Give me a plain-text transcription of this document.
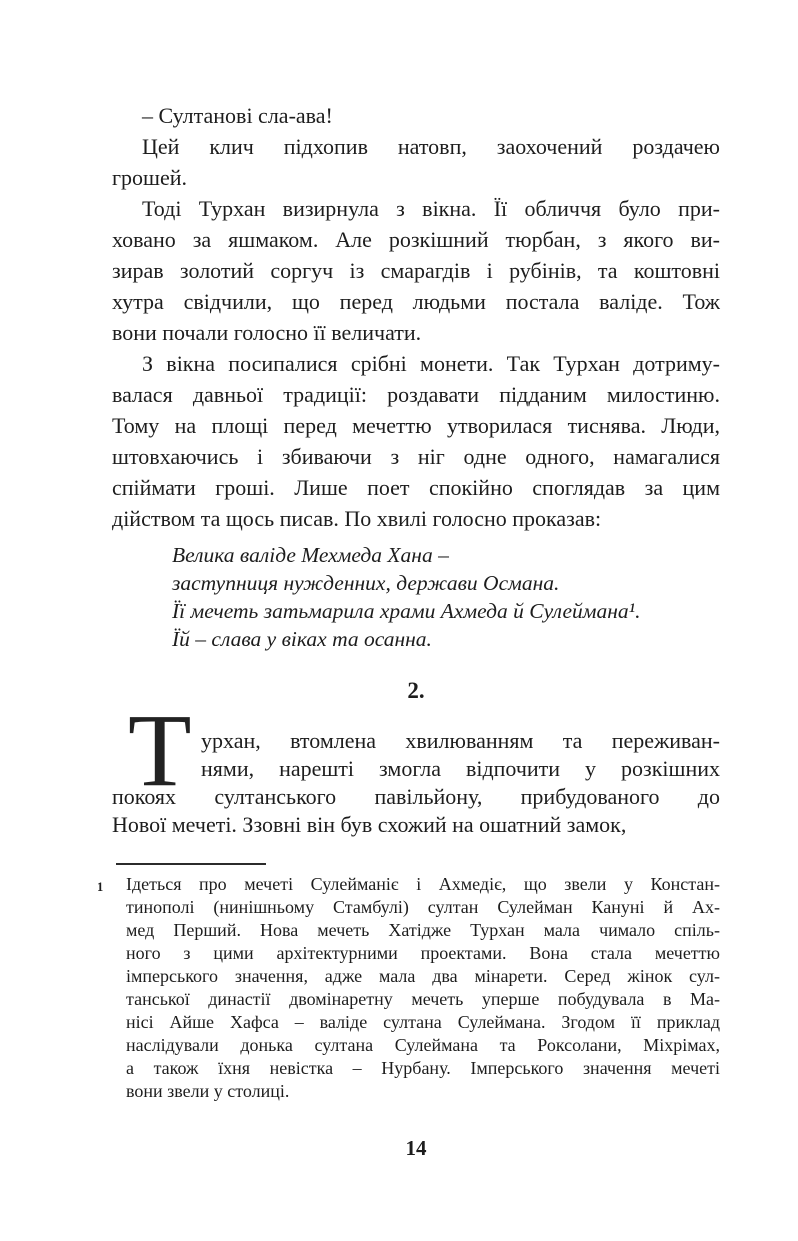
– Султанові сла-ава!
Цей клич підхопив натовп, заохочений роздачею
грошей.
Тоді Турхан визирнула з вікна. Її обличчя було при-
ховано за яшмаком. Але розкішний тюрбан, з якого ви-
зирав золотий соргуч із смарагдів і рубінів, та коштовні
хутра свідчили, що перед людьми постала валіде. Тож
вони почали голосно її величати.
З вікна посипалися срібні монети. Так Турхан дотриму-
валася давньої традиції: роздавати підданим милостиню.
Тому на площі перед мечеттю утворилася тиснява. Люди,
штовхаючись і збиваючи з ніг одне одного, намагалися
спіймати гроші. Лише поет спокійно споглядав за цим
дійством та щось писав. По хвилі голосно проказав:
Велика валіде Мехмеда Хана –
заступниця нужденних, держави Османа.
Її мечеть затьмарила храми Ахмеда й Сулеймана¹.
Їй – слава у віках та осанна.
2.
Т урхан, втомлена хвилюванням та переживан-
нями, нарешті змогла відпочити у розкішних
покоях султанського павільйону, прибудованого до
Нової мечеті. Ззовні він був схожий на ошатний замок,
1 Ідеться про мечеті Сулейманіє і Ахмедіє, що звели у Констан-
тинополі (нинішньому Стамбулі) султан Сулейман Кануні й Ах-
мед Перший. Нова мечеть Хатідже Турхан мала чимало спіль-
ного з цими архітектурними проектами. Вона стала мечеттю
імперського значення, адже мала два мінарети. Серед жінок сул-
танської династії двомінаретну мечеть уперше побудувала в Ма-
нісі Айше Хафса – валіде султана Сулеймана. Згодом її приклад
наслідували донька султана Сулеймана та Роксолани, Міхрімах,
а також їхня невістка – Нурбану. Імперського значення мечеті
вони звели у столиці.
14
